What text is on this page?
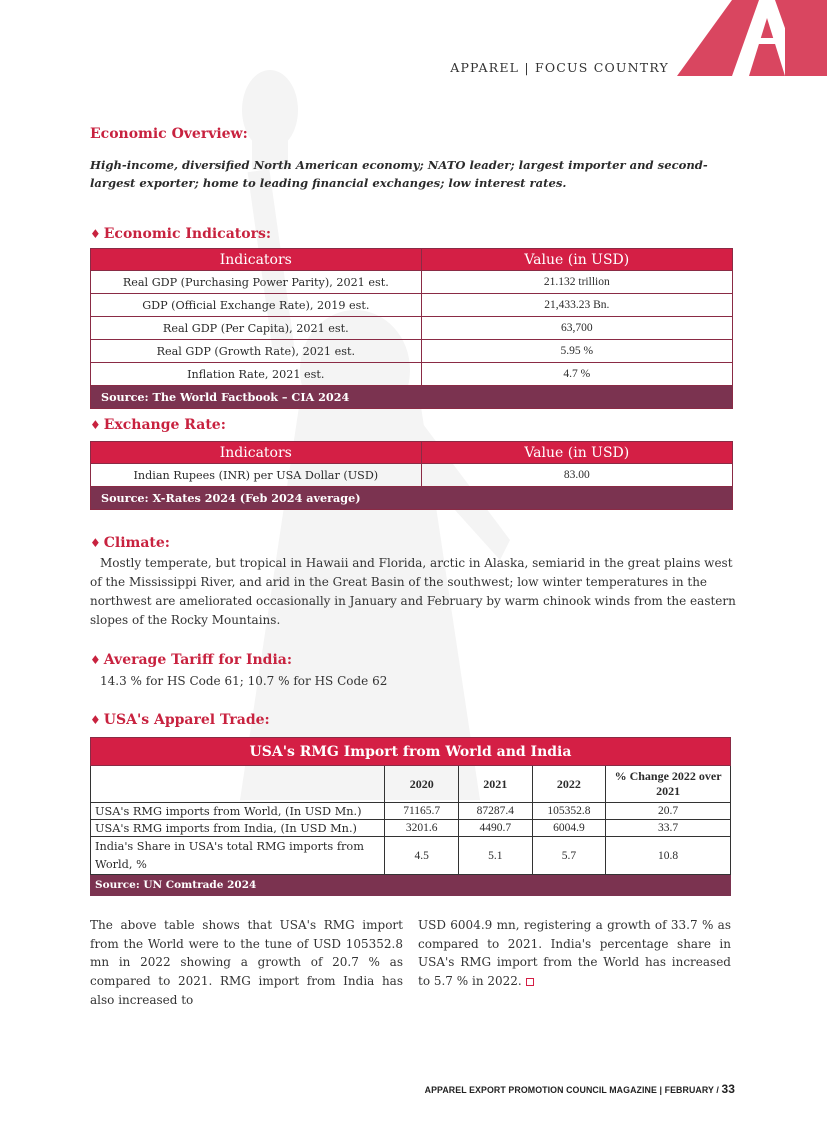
APPAREL | FOCUS COUNTRY
Economic Overview:

High-income, diversified North American economy; NATO leader; largest importer and second-largest exporter; home to leading financial exchanges; low interest rates.

♦ Economic Indicators:
Indicators	Value (in USD)
Real GDP (Purchasing Power Parity), 2021 est.	21.132 trillion
GDP (Official Exchange Rate), 2019 est.	21,433.23 Bn.
Real GDP (Per Capita), 2021 est.	63,700
Real GDP (Growth Rate), 2021 est.	5.95 %
Inflation Rate, 2021 est.	4.7 %
Source: The World Factbook – CIA 2024	
♦ Exchange Rate:
Indicators	Value (in USD)
Indian Rupees (INR) per USA Dollar (USD)	83.00
Source: X-Rates 2024 (Feb 2024 average)	
♦ Climate:

Mostly temperate, but tropical in Hawaii and Florida, arctic in Alaska, semiarid in the great plains west of the Mississippi River, and arid in the Great Basin of the southwest; low winter temperatures in the northwest are ameliorated occasionally in January and February by warm chinook winds from the eastern slopes of the Rocky Mountains.

♦ Average Tariff for India:

14.3 % for HS Code 61; 10.7 % for HS Code 62

♦ USA's Apparel Trade:
USA's RMG Import from World and India				
	2020	2021	2022	% Change 2022 over 2021
USA's RMG imports from World, (In USD Mn.)	71165.7	87287.4	105352.8	20.7
USA's RMG imports from India, (In USD Mn.)	3201.6	4490.7	6004.9	33.7
India's Share in USA's total RMG imports from World, %	4.5	5.1	5.7	10.8
Source: UN Comtrade 2024				

The above table shows that USA's RMG import from the World were to the tune of USD 105352.8 mn in 2022 showing a growth of 20.7 % as compared to 2021. RMG import from India has also increased to

USD 6004.9 mn, registering a growth of 33.7 % as compared to 2021. India's percentage share in USA's RMG import from the World has increased to 5.7 % in 2022.

APPAREL EXPORT PROMOTION COUNCIL MAGAZINE | FEBRUARY / 33
